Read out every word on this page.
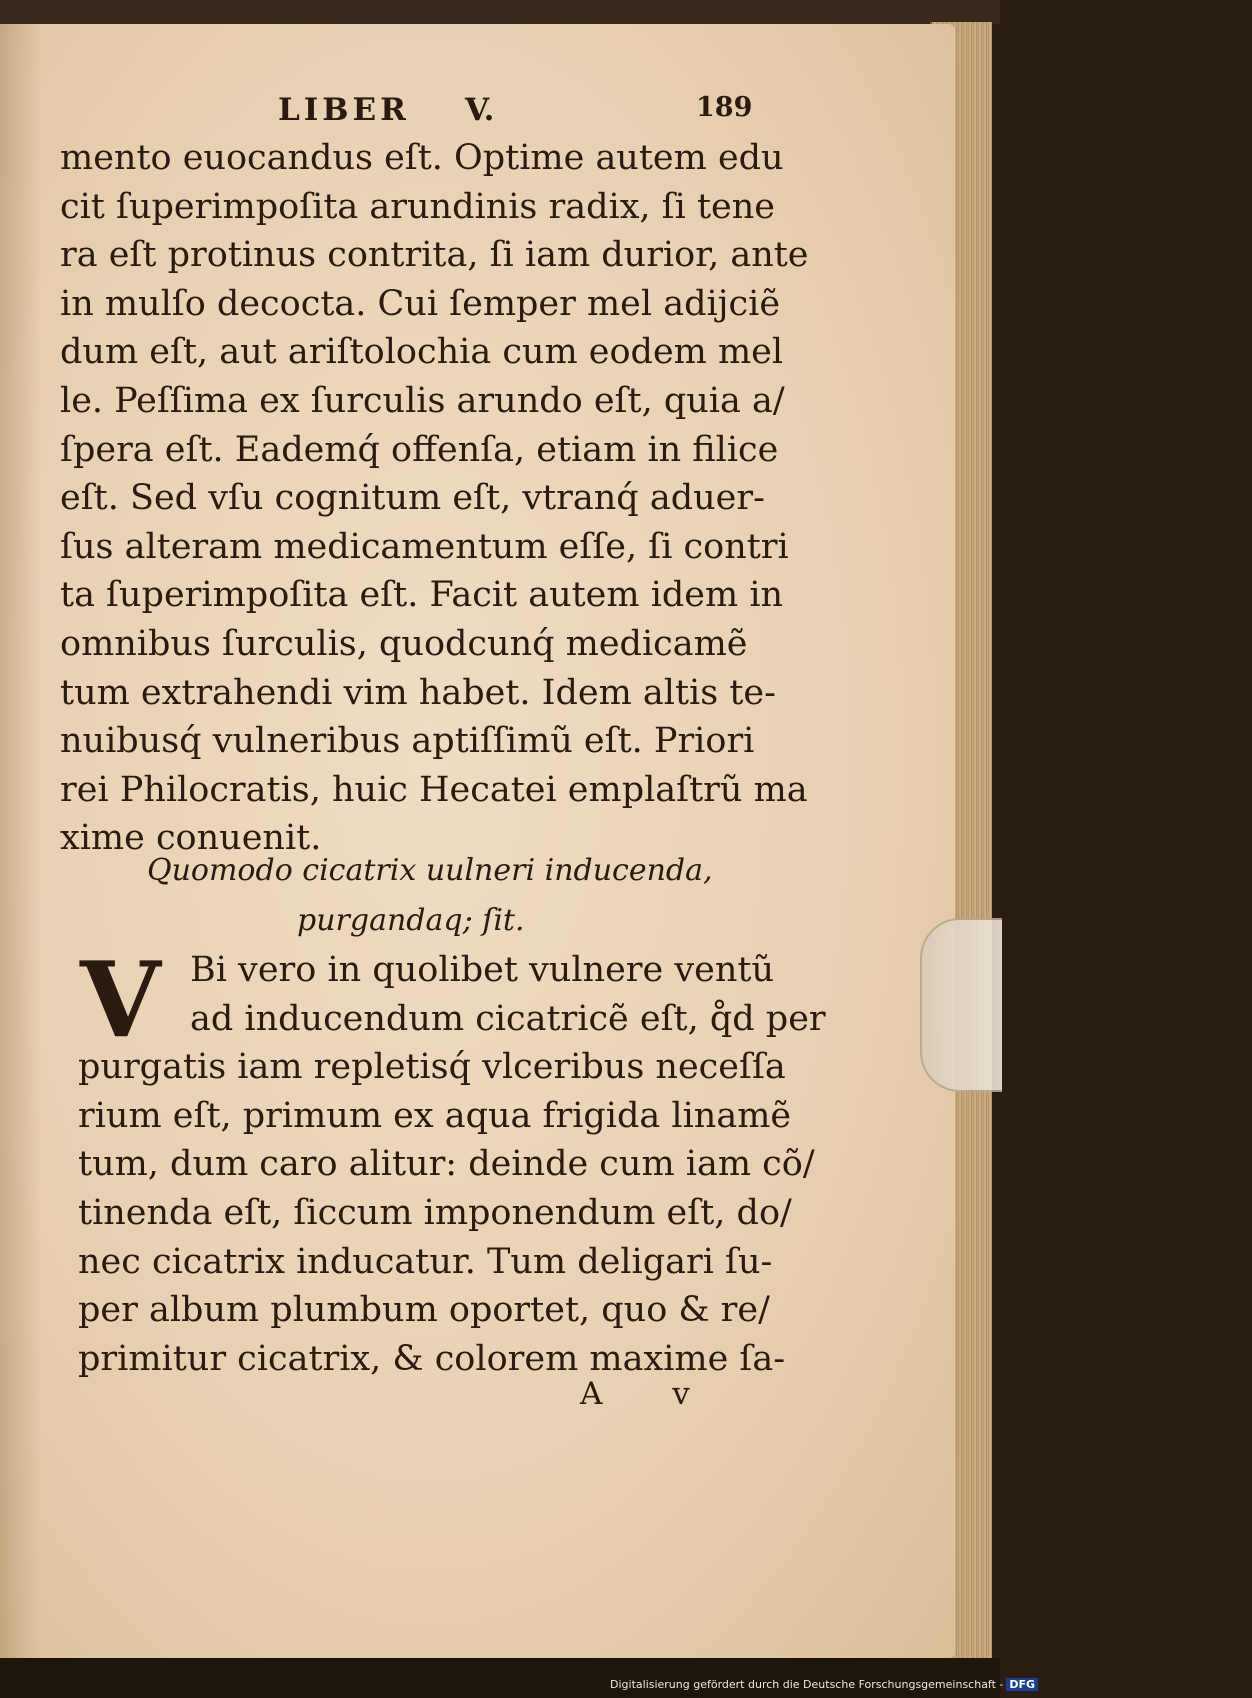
LIBER V.	189
mento euocandus eſt. Optime autem edu
cit ſuperimpoſita arundinis radix, ſi tene
ra eſt protinus contrita, ſi iam durior, ante
in mulſo decocta. Cui ſemper mel adijciẽ
dum eſt, aut ariſtolochia cum eodem mel
le. Peſſima ex ſurculis arundo eſt, quia a/
ſpera eſt. Eademq́ offenſa, etiam in filice
eſt. Sed vſu cognitum eſt, vtranq́ aduer-
ſus alteram medicamentum eſſe, ſi contri
ta ſuperimpoſita eſt. Facit autem idem in
omnibus ſurculis, quodcunq́ medicamẽ
tum extrahendi vim habet. Idem altis te-
nuibusq́ vulneribus aptiſſimũ eſt. Priori
rei Philocratis, huic Hecatei emplaſtrũ ma
xime conuenit.
Quomodo cicatrix uulneri inducenda,
purgandaq; ſit.
V Bi vero in quolibet vulnere ventũ
ad inducendum cicatricẽ eſt, q̊d per
purgatis iam repletisq́ vlceribus neceſſa
rium eſt, primum ex aqua frigida linamẽ
tum, dum caro alitur: deinde cum iam cõ/
tinenda eſt, ſiccum imponendum eſt, do/
nec cicatrix inducatur. Tum deligari ſu-
per album plumbum oportet, quo & re/
primitur cicatrix, & colorem maxime ſa-
A v
Digitalisierung gefördert durch die Deutsche Forschungsgemeinschaft - DFG
